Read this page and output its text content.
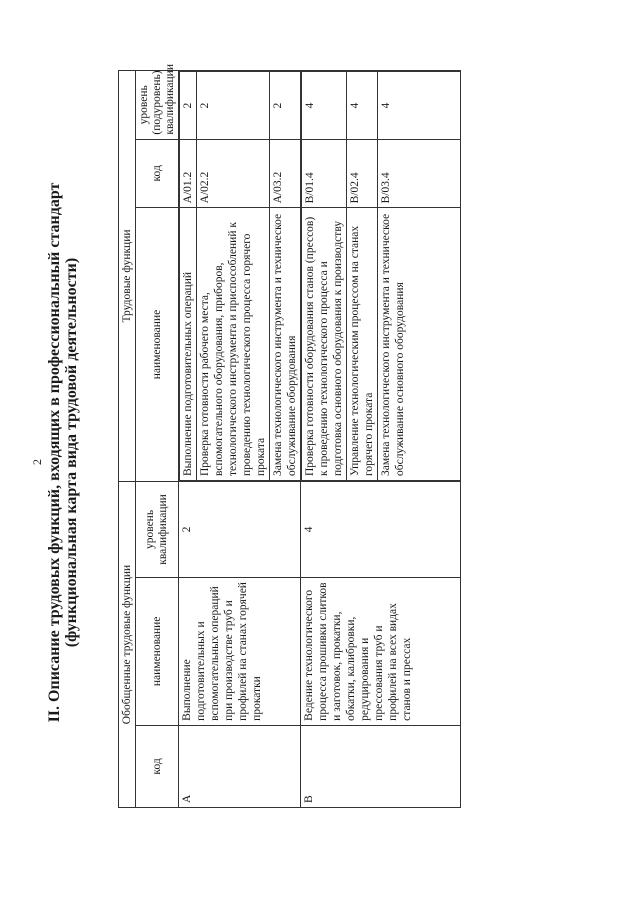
2 II. Описание трудовых функций, входящих в профессиональный стандарт (функциональная карта вида трудовой деятельности)	Обобщенные трудовые функции	Трудовые функции
код	наименование	уровень квалификации	наименование	код	уровень (подуровень) квалификации
A	Выполнение подготовительных и вспомогательных операций при производстве труб и профилей на станах горячей прокатки	2	
Выполнение подготовительных операций	A/01.2	2
Проверка готовности рабочего места, вспомогательного оборудования, приборов, технологического инструмента и приспособлений к проведению технологического процесса горячего проката	A/02.2	2
Замена технологического инструмента и техническое обслуживание оборудования	A/03.2	2

B	Ведение технологического процесса прошивки слитков и заготовок, прокатки, обкатки, калибровки, редуцирования и прессования труб и профилей на всех видах станов и прессах	4	
Проверка готовности оборудования станов (прессов) к проведению технологического процесса и подготовка основного оборудования к производству	B/01.4	4
Управление технологическим процессом на станах горячего проката	B/02.4	4
Замена технологического инструмента и техническое обслуживание основного оборудования	B/03.4	4
